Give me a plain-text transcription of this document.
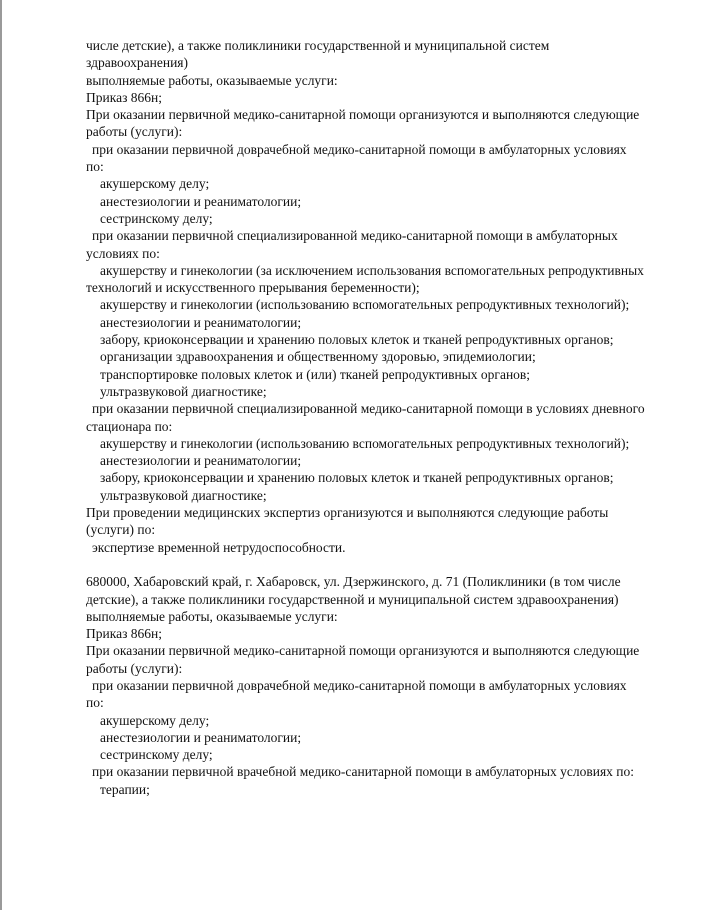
числе детские), а также поликлиники государственной и муниципальной систем
здравоохранения)
выполняемые работы, оказываемые услуги:
Приказ 866н;
При оказании первичной медико-санитарной помощи организуются и выполняются следующие
работы (услуги):
при оказании первичной доврачебной медико-санитарной помощи в амбулаторных условиях
по:
акушерскому делу;
анестезиологии и реаниматологии;
сестринскому делу;
при оказании первичной специализированной медико-санитарной помощи в амбулаторных
условиях по:
акушерству и гинекологии (за исключением использования вспомогательных репродуктивных
технологий и искусственного прерывания беременности);
акушерству и гинекологии (использованию вспомогательных репродуктивных технологий);
анестезиологии и реаниматологии;
забору, криоконсервации и хранению половых клеток и тканей репродуктивных органов;
организации здравоохранения и общественному здоровью, эпидемиологии;
транспортировке половых клеток и (или) тканей репродуктивных органов;
ультразвуковой диагностике;
при оказании первичной специализированной медико-санитарной помощи в условиях дневного
стационара по:
акушерству и гинекологии (использованию вспомогательных репродуктивных технологий);
анестезиологии и реаниматологии;
забору, криоконсервации и хранению половых клеток и тканей репродуктивных органов;
ультразвуковой диагностике;
При проведении медицинских экспертиз организуются и выполняются следующие работы
(услуги) по:
экспертизе временной нетрудоспособности.
680000, Хабаровский край, г. Хабаровск, ул. Дзержинского, д. 71 (Поликлиники (в том числе
детские), а также поликлиники государственной и муниципальной систем здравоохранения)
выполняемые работы, оказываемые услуги:
Приказ 866н;
При оказании первичной медико-санитарной помощи организуются и выполняются следующие
работы (услуги):
при оказании первичной доврачебной медико-санитарной помощи в амбулаторных условиях
по:
акушерскому делу;
анестезиологии и реаниматологии;
сестринскому делу;
при оказании первичной врачебной медико-санитарной помощи в амбулаторных условиях по:
терапии;
